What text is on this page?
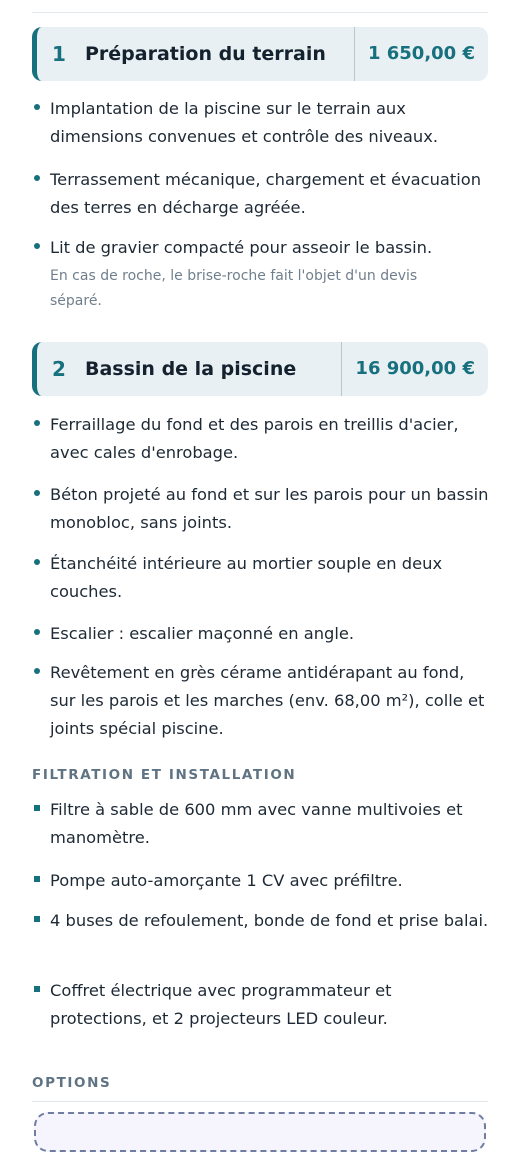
1 Préparation du terrain	1 650,00 €
Implantation de la piscine sur le terrain aux dimensions convenues et contrôle des niveaux.
Terrassement mécanique, chargement et évacuation des terres en décharge agréée.
Lit de gravier compacté pour asseoir le bassin.
En cas de roche, le brise-roche fait l'objet d'un devis séparé.
2 Bassin de la piscine	16 900,00 €
Ferraillage du fond et des parois en treillis d'acier, avec cales d'enrobage.
Béton projeté au fond et sur les parois pour un bassin monobloc, sans joints.
Étanchéité intérieure au mortier souple en deux couches.
Escalier : escalier maçonné en angle.
Revêtement en grès cérame antidérapant au fond, sur les parois et les marches (env. 68,00 m²), colle et joints spécial piscine.
FILTRATION ET INSTALLATION
Filtre à sable de 600 mm avec vanne multivoies et manomètre.
Pompe auto-amorçante 1 CV avec préfiltre.
4 buses de refoulement, bonde de fond et prise balai.
Coffret électrique avec programmateur et protections, et 2 projecteurs LED couleur.
OPTIONS
